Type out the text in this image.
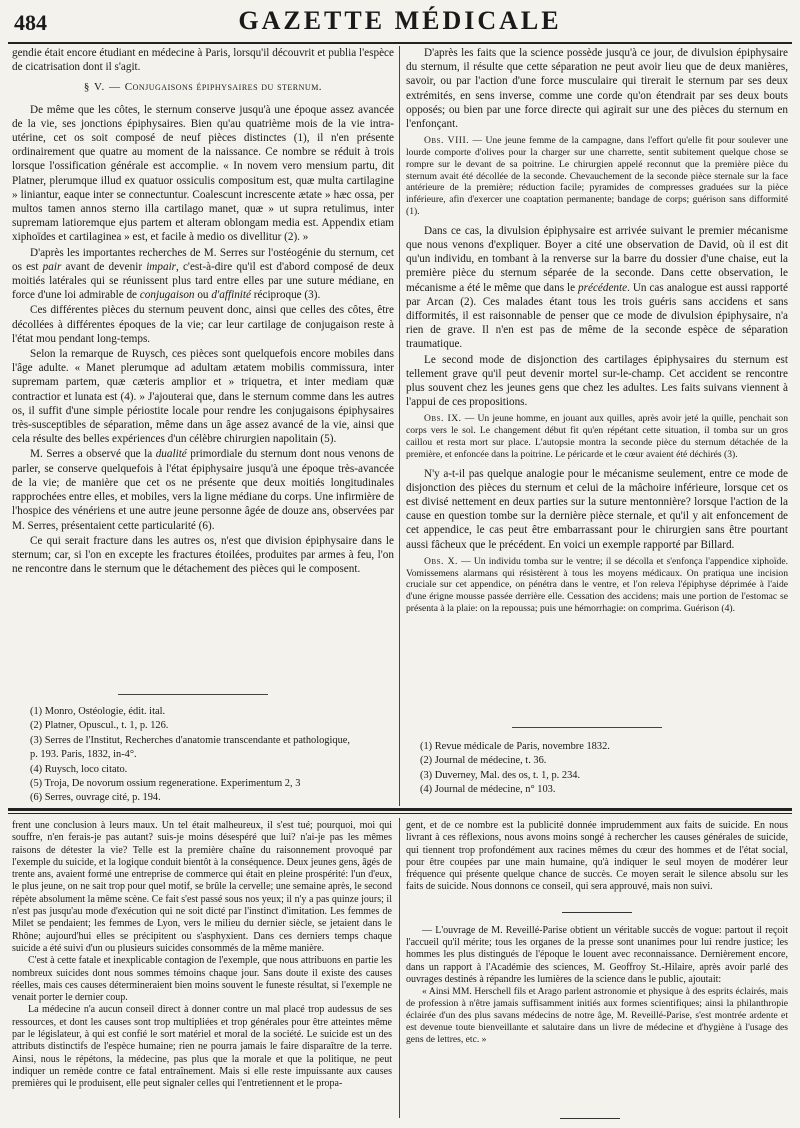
484	GAZETTE MÉDICALE

gendie était encore étudiant en médecine à Paris, lorsqu'il découvrit et publia l'espèce de cicatrisation dont il s'agit.

§ V. — Conjugaisons épiphysaires du sternum.

De même que les côtes, le sternum conserve jusqu'à une époque assez avancée de la vie, ses jonctions épiphysaires. Bien qu'au quatrième mois de la vie intra-utérine, cet os soit composé de neuf pièces distinctes (1), il n'en présente ordinairement que quatre au moment de la naissance. Ce nombre se réduit à trois lorsque l'ossification générale est accomplie. « In novem vero mensium partu, dit Platner, plerumque illud ex quatuor ossiculis compositum est, quæ multa cartilagine » liniantur, eaque inter se connectuntur. Coalescunt increscente ætate » hæc ossa, per multos tamen annos sterno illa cartilago manet, quæ » ut supra retulimus, inter supremam latioremque ejus partem et alteram oblongam media est. Appendix etiam xiphoïdes et cartilaginea » est, et facile à medio os divellitur (2). »

D'après les importantes recherches de M. Serres sur l'ostéogénie du sternum, cet os est pair avant de devenir impair, c'est-à-dire qu'il est d'abord composé de deux moitiés latérales qui se réunissent plus tard entre elles par une suture médiane, en force d'une loi admirable de conjugaison ou d'affinité réciproque (3).

Ces différentes pièces du sternum peuvent donc, ainsi que celles des côtes, être décollées à différentes époques de la vie; car leur cartilage de conjugaison reste à l'état mou pendant long-temps.

Selon la remarque de Ruysch, ces pièces sont quelquefois encore mobiles dans l'âge adulte. « Manet plerumque ad adultam ætatem mobilis commissura, inter supremam partem, quæ cæteris amplior et » triquetra, et inter mediam quæ contractior et lunata est (4). » J'ajouterai que, dans le sternum comme dans les autres os, il suffit d'une simple périostite locale pour rendre les conjugaisons épiphysaires très-susceptibles de séparation, même dans un âge assez avancé de la vie, ainsi que cela résulte des belles expériences d'un célèbre chirurgien napolitain (5).

M. Serres a observé que la dualité primordiale du sternum dont nous venons de parler, se conserve quelquefois à l'état épiphysaire jusqu'à une époque très-avancée de la vie; de manière que cet os ne présente que deux moitiés longitudinales rapprochées entre elles, et mobiles, vers la ligne médiane du corps. Une infirmière de l'hospice des vénériens et une autre jeune personne âgée de douze ans, observées par M. Serres, présentaient cette particularité (6).

Ce qui serait fracture dans les autres os, n'est que division épiphysaire dans le sternum; car, si l'on en excepte les fractures étoilées, produites par armes à feu, l'on ne rencontre dans le sternum que le détachement des pièces qui le composent.

D'après les faits que la science possède jusqu'à ce jour, de divulsion épiphysaire du sternum, il résulte que cette séparation ne peut avoir lieu que de deux manières, savoir, ou par l'action d'une force musculaire qui tirerait le sternum par ses deux extrémités, en sens inverse, comme une corde qu'on étendrait par ses deux bouts opposés; ou bien par une force directe qui agirait sur une des pièces du sternum en l'enfonçant.

Obs. VIII. — Une jeune femme de la campagne, dans l'effort qu'elle fit pour soulever une lourde comporte d'olives pour la charger sur une charrette, sentit subitement quelque chose se rompre sur le devant de sa poitrine. Le chirurgien appelé reconnut que la première pièce du sternum avait été décollée de la seconde. Chevauchement de la seconde pièce sternale sur la face antérieure de la première; réduction facile; pyramides de compresses graduées sur la pièce inférieure, afin d'exercer une coaptation permanente; bandage de corps; guérison sans difformité (1).

Dans ce cas, la divulsion épiphysaire est arrivée suivant le premier mécanisme que nous venons d'expliquer. Boyer a cité une observation de David, où il est dit qu'un individu, en tombant à la renverse sur la barre du dossier d'une chaise, eut la première pièce du sternum séparée de la seconde. Dans cette observation, le mécanisme a été le même que dans le précédente. Un cas analogue est aussi rapporté par Arcan (2). Ces malades étant tous les trois guéris sans accidens et sans difformités, il est raisonnable de penser que ce mode de divulsion épiphysaire, n'a rien de grave. Il n'en est pas de même de la seconde espèce de séparation traumatique.

Le second mode de disjonction des cartilages épiphysaires du sternum est tellement grave qu'il peut devenir mortel sur-le-champ. Cet accident se rencontre plus souvent chez les jeunes gens que chez les adultes. Les faits suivans viennent à l'appui de ces propositions.

Obs. IX. — Un jeune homme, en jouant aux quilles, après avoir jeté la quille, penchait son corps vers le sol. Le changement début fit qu'en répétant cette situation, il tomba sur un gros caillou et resta mort sur place. L'autopsie montra la seconde pièce du sternum détachée de la première, et enfoncée dans la poitrine. Le péricarde et le cœur avaient été déchirés (3).

N'y a-t-il pas quelque analogie pour le mécanisme seulement, entre ce mode de disjonction des pièces du sternum et celui de la mâchoire inférieure, lorsque cet os est divisé nettement en deux parties sur la suture mentonnière? lorsque l'action de la cause en question tombe sur la dernière pièce sternale, et qu'il y ait enfoncement de cet appendice, le cas peut être embarrassant pour le chirurgien sans être pourtant aussi fâcheux que le précédent. En voici un exemple rapporté par Billard.

Obs. X. — Un individu tomba sur le ventre; il se décolla et s'enfonça l'appendice xiphoïde. Vomissemens alarmans qui résistèrent à tous les moyens médicaux. On pratiqua une incision cruciale sur cet appendice, on pénétra dans le ventre, et l'on releva l'épiphyse déprimée à l'aide d'une érigne mousse passée derrière elle. Cessation des accidens; mais une portion de l'estomac se présenta à la plaie: on la repoussa; puis une hémorrhagie: on comprima. Guérison (4).

(1) Monro, Ostéologie, édit. ital.
(2) Platner, Opuscul., t. 1, p. 126.
(3) Serres de l'Institut, Recherches d'anatomie transcendante et pathologique,
p. 193. Paris, 1832, in-4°.
(4) Ruysch, loco citato.
(5) Troja, De novorum ossium regeneratione. Experimentum 2, 3
(6) Serres, ouvrage cité, p. 194.
(1) Revue médicale de Paris, novembre 1832.
(2) Journal de médecine, t. 36.
(3) Duverney, Mal. des os, t. 1, p. 234.
(4) Journal de médecine, n° 103.

frent une conclusion à leurs maux. Un tel était malheureux, il s'est tué; pourquoi, moi qui souffre, n'en ferais-je pas autant? suis-je moins désespéré que lui? n'ai-je pas les mêmes raisons de détester la vie? Telle est la première chaîne du raisonnement provoqué par l'exemple du suicide, et la logique conduit bientôt à la conséquence. Deux jeunes gens, âgés de trente ans, avaient formé une entreprise de commerce qui était en pleine prospérité: l'un d'eux, le plus jeune, on ne sait trop pour quel motif, se brûle la cervelle; une semaine après, le second répète absolument la même scène. Ce fait s'est passé sous nos yeux; il n'y a pas quinze jours; il n'est pas jusqu'au mode d'exécution qui ne soit dicté par l'instinct d'imitation. Les femmes de Milet se pendaient; les femmes de Lyon, vers le milieu du dernier siècle, se jetaient dans le Rhône; aujourd'hui elles se précipitent ou s'asphyxient. Dans ces derniers temps chaque suicide a été suivi d'un ou plusieurs suicides consommés de la même manière.

C'est à cette fatale et inexplicable contagion de l'exemple, que nous attribuons en partie les nombreux suicides dont nous sommes témoins chaque jour. Sans doute il existe des causes réelles, mais ces causes détermineraient bien moins souvent le funeste résultat, si l'exemple ne venait porter le dernier coup.

La médecine n'a aucun conseil direct à donner contre un mal placé trop audessus de ses ressources, et dont les causes sont trop multipliées et trop générales pour être atteintes même par le législateur, à qui est confié le sort matériel et moral de la société. Le suicide est un des attributs distinctifs de l'espèce humaine; rien ne pourra jamais le faire disparaître de la terre. Ainsi, nous le répétons, la médecine, pas plus que la morale et que la politique, ne peut indiquer un remède contre ce fatal entraînement. Mais si elle reste impuissante aux causes premières qui le produisent, elle peut signaler celles qui l'entretiennent et le propa-

gent, et de ce nombre est la publicité donnée imprudemment aux faits de suicide. En nous livrant à ces réflexions, nous avons moins songé à rechercher les causes générales de suicide, qui tiennent trop profondément aux racines mêmes du cœur des hommes et de l'état social, pour être coupées par une main humaine, qu'à indiquer le seul moyen de modérer leur fréquence qui présente quelque chance de succès. Ce moyen serait le silence absolu sur les faits de suicide. Nous donnons ce conseil, qui sera approuvé, mais non suivi.

— L'ouvrage de M. Reveillé-Parise obtient un véritable succès de vogue: partout il reçoit l'accueil qu'il mérite; tous les organes de la presse sont unanimes pour lui rendre justice; les hommes les plus distingués de l'époque le louent avec reconnaissance. Dernièrement encore, dans un rapport à l'Académie des sciences, M. Geoffroy St.-Hilaire, après avoir parlé des ouvrages destinés à répandre les lumières de la science dans le public, ajoutait:

« Ainsi MM. Herschell fils et Arago parlent astronomie et physique à des esprits éclairés, mais de profession à n'être jamais suffisamment initiés aux formes scientifiques; ainsi la philanthropie éclairée d'un des plus savans médecins de notre âge, M. Reveillé-Parise, s'est montrée ardente et est devenue toute bienveillante et salutaire dans un livre de médecine et d'hygiène à l'usage des gens de lettres, etc. »
